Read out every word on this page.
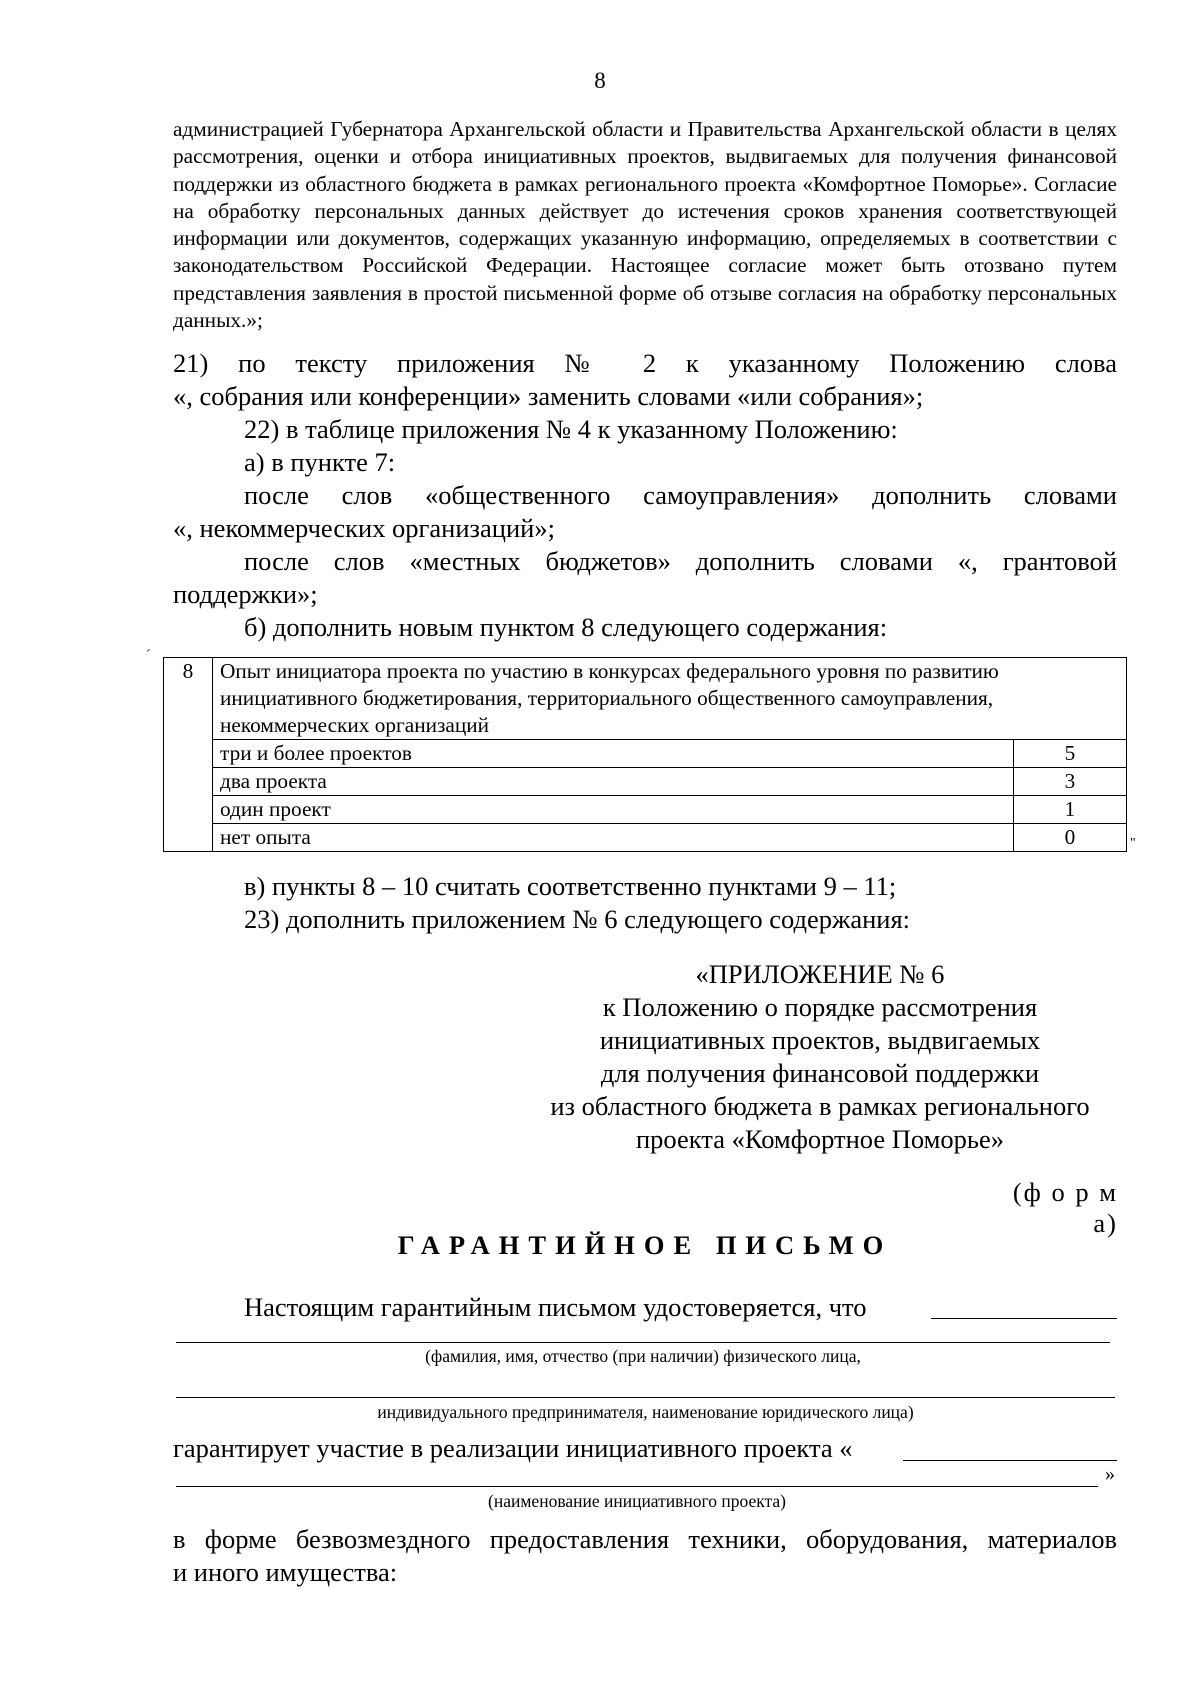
8
администрацией Губернатора Архангельской области и Правительства Архангельской области в целях рассмотрения, оценки и отбора инициативных проектов, выдвигаемых для получения финансовой поддержки из областного бюджета в рамках регионального проекта «Комфортное Поморье». Согласие на обработку персональных данных действует до истечения сроков хранения соответствующей информации или документов, содержащих указанную информацию, определяемых в соответствии с законодательством Российской Федерации. Настоящее согласие может быть отозвано путем представления заявления в простой письменной форме об отзыве согласия на обработку персональных данных.»;
21) по тексту приложения № 2 к указанному Положению слова
«, собрания или конференции» заменить словами «или собрания»;
22) в таблице приложения № 4 к указанному Положению:
а) в пункте 7:
после слов «общественного самоуправления» дополнить словами
«, некоммерческих организаций»;
после слов «местных бюджетов» дополнить словами «, грантовой
поддержки»;
б) дополнить новым пунктом 8 следующего содержания:
ˊ
8	Опыт инициатора проекта по участию в конкурсах федерального уровня по развитию инициативного бюджетирования, территориального общественного самоуправления, некоммерческих организаций	
	три и более проектов	5
	два проекта	3
	один проект	1
	нет опыта	0	"
в) пункты 8 – 10 считать соответственно пунктами 9 – 11;
23) дополнить приложением № 6 следующего содержания:
«ПРИЛОЖЕНИЕ № 6
к Положению о порядке рассмотрения
инициативных проектов, выдвигаемых
для получения финансовой поддержки
из областного бюджета в рамках регионального
проекта «Комфортное Поморье»
(ф о р м а)
ГАРАНТИЙНОЕ ПИСЬМО
Настоящим гарантийным письмом удостоверяется, что
(фамилия, имя, отчество (при наличии) физического лица,
индивидуального предпринимателя, наименование юридического лица)
гарантирует участие в реализации инициативного проекта «
»
(наименование инициативного проекта)
в форме безвозмездного предоставления техники, оборудования, материалов
и иного имущества:
